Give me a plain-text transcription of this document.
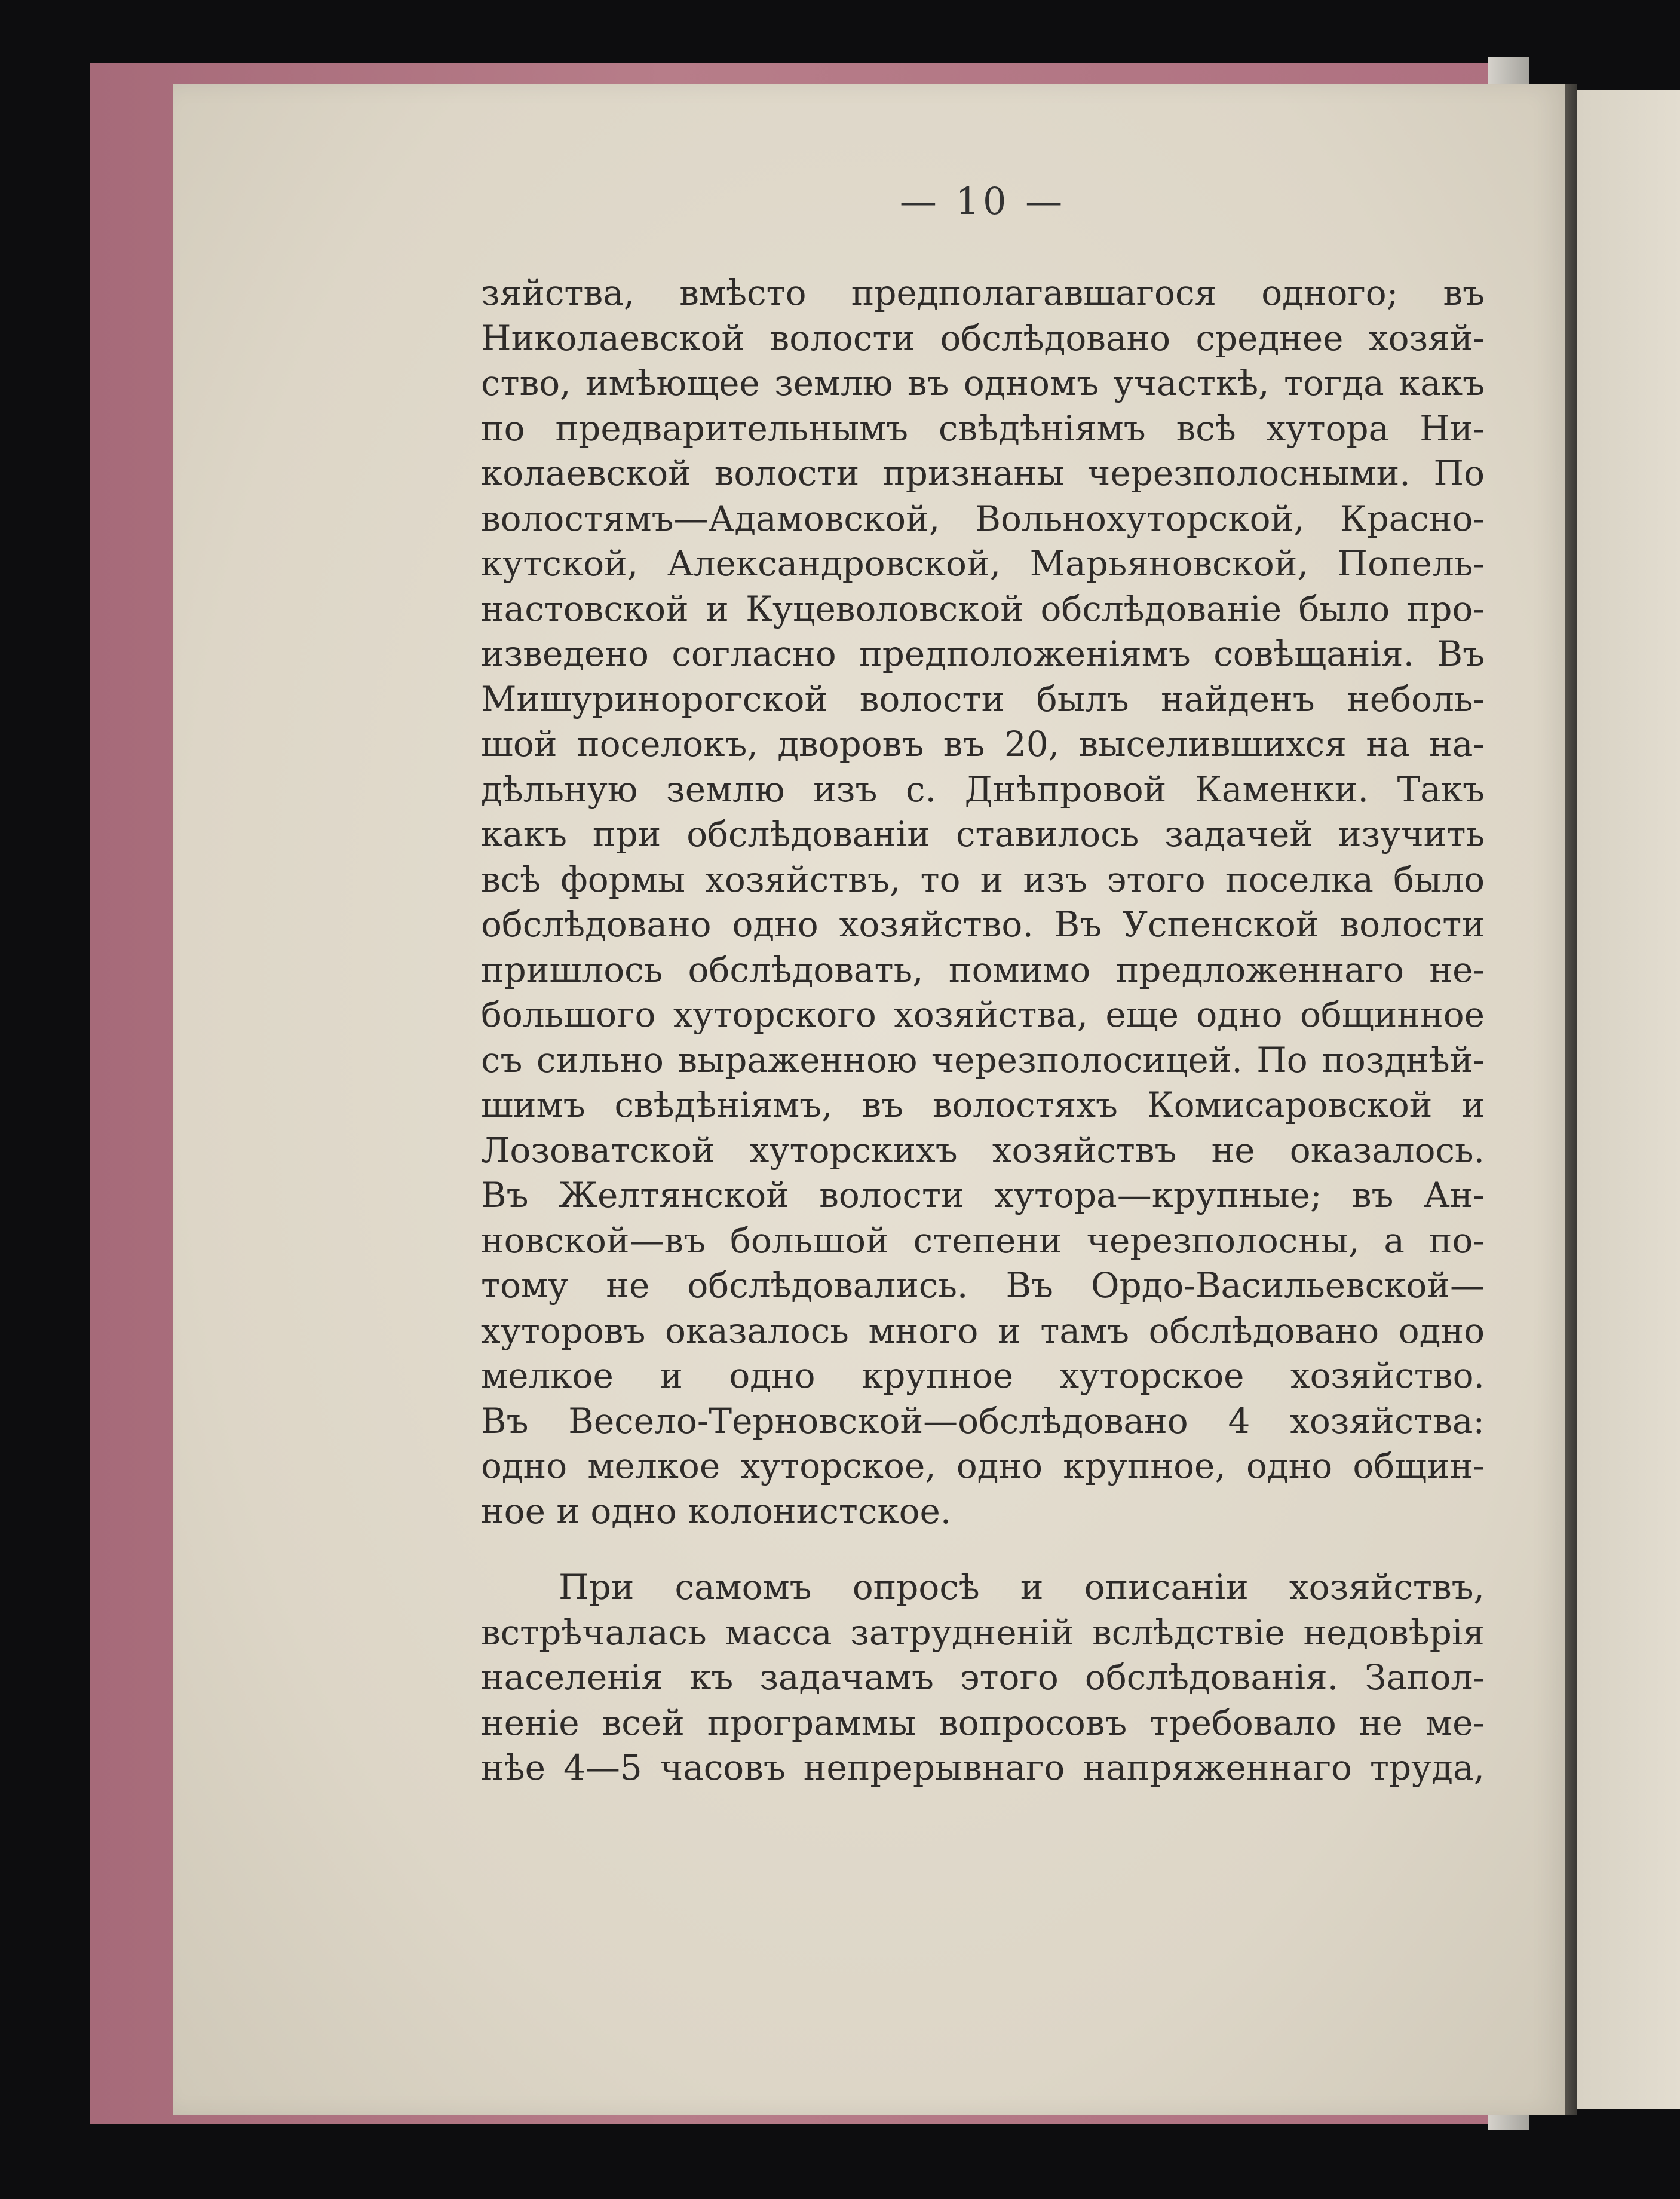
— 10 —

зяйства, вмѣсто предполагавшагося одного; въ
Николаевской волости обслѣдовано среднее хозяй-
ство, имѣющее землю въ одномъ участкѣ, тогда какъ
по предварительнымъ свѣдѣніямъ всѣ хутора Ни-
колаевской волости признаны черезполосными. По
волостямъ—Адамовской, Вольнохуторской, Красно-
кутской, Александровской, Марьяновской, Попель-
настовской и Куцеволовской обслѣдованіе было про-
изведено согласно предположеніямъ совѣщанія. Въ
Мишуринорогской волости былъ найденъ неболь-
шой поселокъ, дворовъ въ 20, выселившихся на на-
дѣльную землю изъ с. Днѣпровой Каменки. Такъ
какъ при обслѣдованіи ставилось задачей изучить
всѣ формы хозяйствъ, то и изъ этого поселка было
обслѣдовано одно хозяйство. Въ Успенской волости
пришлось обслѣдовать, помимо предложеннаго не-
большого хуторского хозяйства, еще одно общинное
съ сильно выраженною черезполосицей. По позднѣй-
шимъ свѣдѣніямъ, въ волостяхъ Комисаровской и
Лозоватской хуторскихъ хозяйствъ не оказалось.
Въ Желтянской волости хутора—крупные; въ Ан-
новской—въ большой степени черезполосны, а по-
тому не обслѣдовались. Въ Ордо-Васильевской—
хуторовъ оказалось много и тамъ обслѣдовано одно
мелкое и одно крупное хуторское хозяйство.
Въ Весело-Терновской—обслѣдовано 4 хозяйства:
одно мелкое хуторское, одно крупное, одно общин-
ное и одно колонистское.

При самомъ опросѣ и описаніи хозяйствъ,
встрѣчалась масса затрудненій вслѣдствіе недовѣрія
населенія къ задачамъ этого обслѣдованія. Запол-
неніе всей программы вопросовъ требовало не ме-
нѣе 4—5 часовъ непрерывнаго напряженнаго труда,
